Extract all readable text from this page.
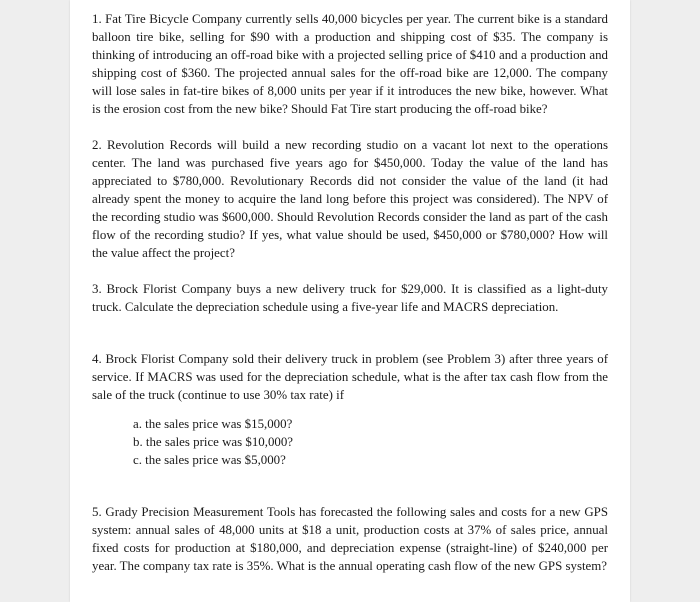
1. Fat Tire Bicycle Company currently sells 40,000 bicycles per year. The current bike is a standard balloon tire bike, selling for $90 with a production and shipping cost of $35. The company is thinking of introducing an off-road bike with a projected selling price of $410 and a production and shipping cost of $360. The projected annual sales for the off-road bike are 12,000. The company will lose sales in fat-tire bikes of 8,000 units per year if it introduces the new bike, however. What is the erosion cost from the new bike? Should Fat Tire start producing the off-road bike?

2. Revolution Records will build a new recording studio on a vacant lot next to the operations center. The land was purchased five years ago for $450,000. Today the value of the land has appreciated to $780,000. Revolutionary Records did not consider the value of the land (it had already spent the money to acquire the land long before this project was considered). The NPV of the recording studio was $600,000. Should Revolution Records consider the land as part of the cash flow of the recording studio? If yes, what value should be used, $450,000 or $780,000? How will the value affect the project?

3. Brock Florist Company buys a new delivery truck for $29,000. It is classified as a light-duty truck. Calculate the depreciation schedule using a five-year life and MACRS depreciation.

4. Brock Florist Company sold their delivery truck in problem (see Problem 3) after three years of service. If MACRS was used for the depreciation schedule, what is the after tax cash flow from the sale of the truck (continue to use 30% tax rate) if

a. the sales price was $15,000?
b. the sales price was $10,000?
c. the sales price was $5,000?

5. Grady Precision Measurement Tools has forecasted the following sales and costs for a new GPS system: annual sales of 48,000 units at $18 a unit, production costs at 37% of sales price, annual fixed costs for production at $180,000, and depreciation expense (straight-line) of $240,000 per year. The company tax rate is 35%. What is the annual operating cash flow of the new GPS system?
